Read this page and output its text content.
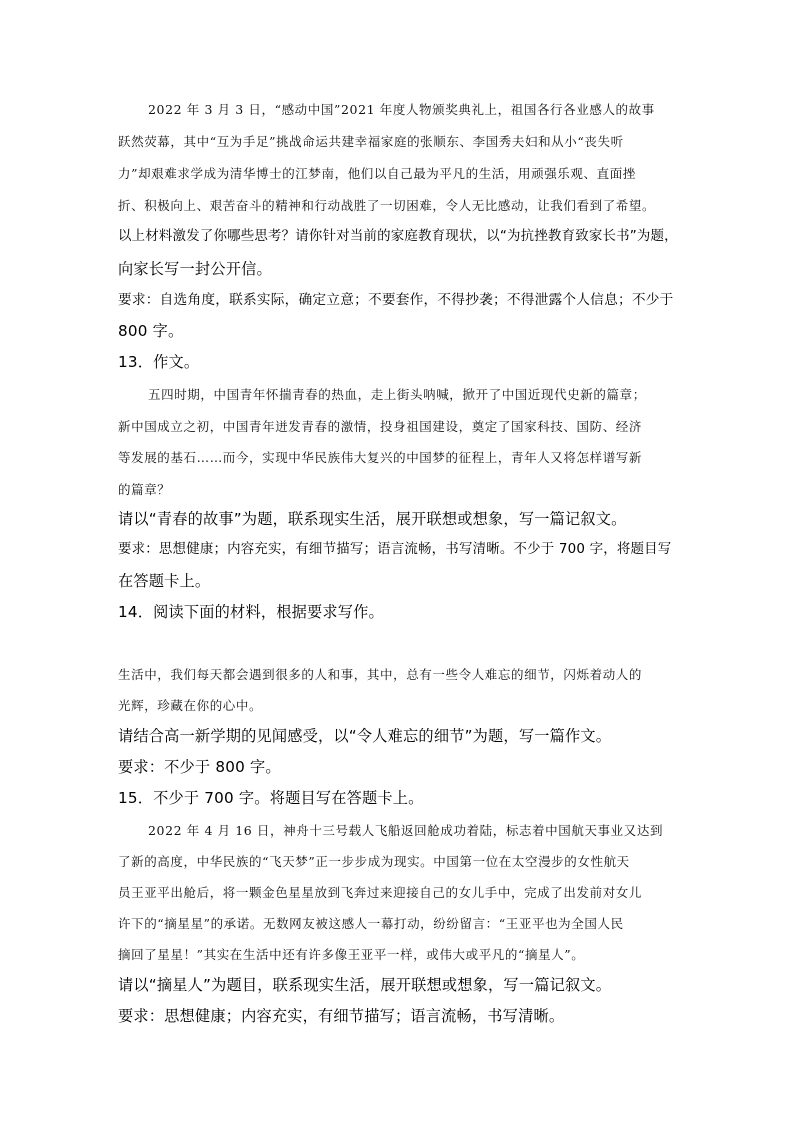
2022 年 3 月 3 日，“感动中国”2021 年度人物颁奖典礼上，祖国各行各业感人的故事
跃然荧幕，其中“互为手足”挑战命运共建幸福家庭的张顺东、李国秀夫妇和从小“丧失听
力”却艰难求学成为清华博士的江梦南，他们以自己最为平凡的生活，用顽强乐观、直面挫
折、积极向上、艰苦奋斗的精神和行动战胜了一切困难，令人无比感动，让我们看到了希望。
以上材料激发了你哪些思考？请你针对当前的家庭教育现状，以“为抗挫教育致家长书”为题，
向家长写一封公开信。
要求：自选角度，联系实际，确定立意；不要套作，不得抄袭；不得泄露个人信息；不少于
800 字。
13．作文。
五四时期，中国青年怀揣青春的热血，走上街头呐喊，掀开了中国近现代史新的篇章；
新中国成立之初，中国青年迸发青春的激情，投身祖国建设，奠定了国家科技、国防、经济
等发展的基石……而今，实现中华民族伟大复兴的中国梦的征程上，青年人又将怎样谱写新
的篇章？
请以“青春的故事”为题，联系现实生活，展开联想或想象，写一篇记叙文。
要求：思想健康；内容充实，有细节描写；语言流畅，书写清晰。不少于 700 字，将题目写
在答题卡上。
14．阅读下面的材料，根据要求写作。
生活中，我们每天都会遇到很多的人和事，其中，总有一些令人难忘的细节，闪烁着动人的
光辉，珍藏在你的心中。
请结合高一新学期的见闻感受，以“令人难忘的细节”为题，写一篇作文。
要求：不少于 800 字。
15．不少于 700 字。将题目写在答题卡上。
2022 年 4 月 16 日，神舟十三号载人飞船返回舱成功着陆，标志着中国航天事业又达到
了新的高度，中华民族的“飞天梦”正一步步成为现实。中国第一位在太空漫步的女性航天
员王亚平出舱后，将一颗金色星星放到飞奔过来迎接自己的女儿手中，完成了出发前对女儿
许下的“摘星星”的承诺。无数网友被这感人一幕打动，纷纷留言：“王亚平也为全国人民
摘回了星星！”其实在生活中还有许多像王亚平一样，或伟大或平凡的“摘星人”。
请以“摘星人”为题目，联系现实生活，展开联想或想象，写一篇记叙文。
要求：思想健康；内容充实，有细节描写；语言流畅，书写清晰。
